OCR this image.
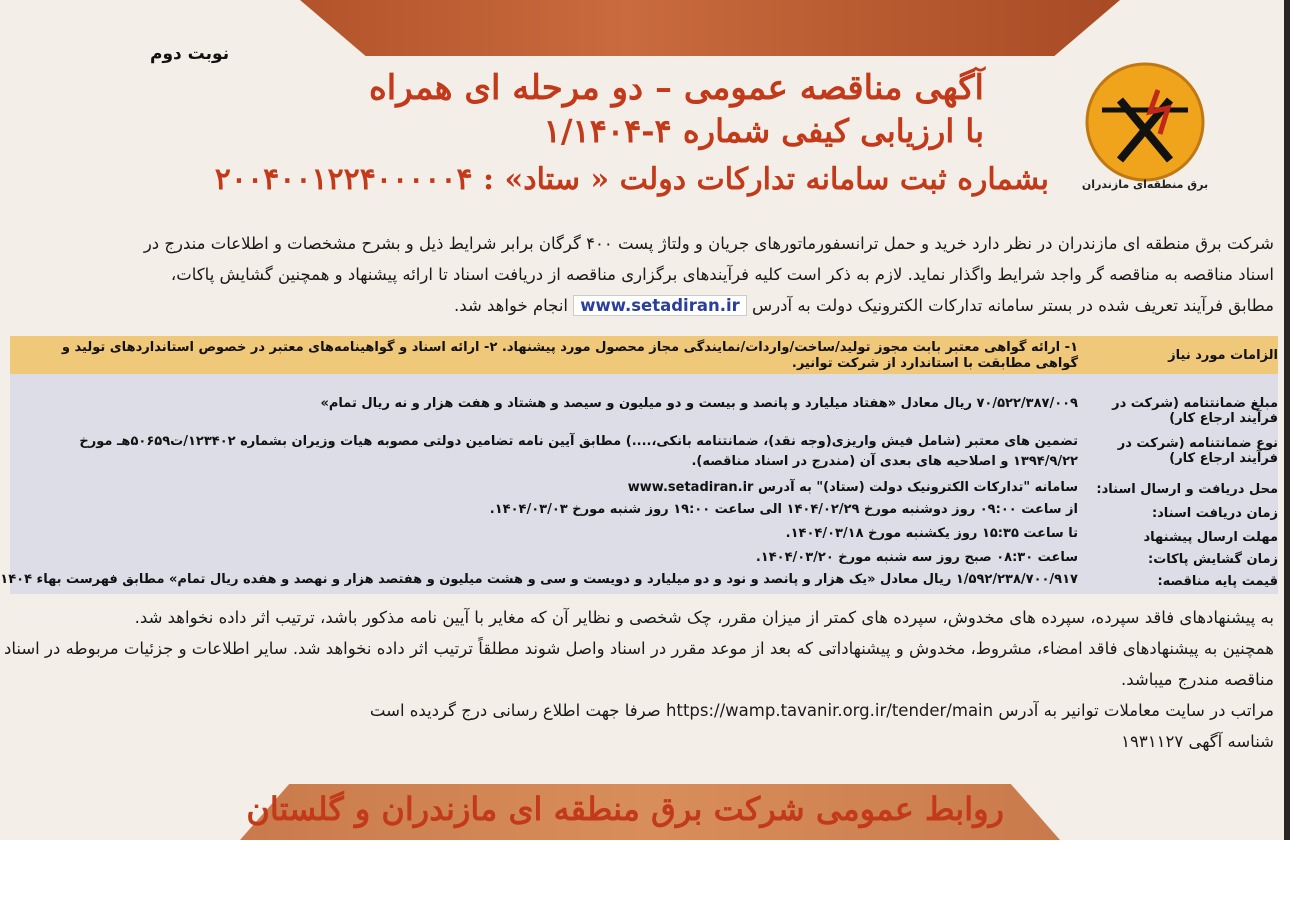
نوبت دوم
برق منطقه‌ای مازندران
آگهی مناقصه عمومی – دو مرحله ای همراه
با ارزیابی کیفی شماره ۴-۱/۱۴۰۴
بشماره ثبت سامانه تدارکات دولت « ستاد» : ۲۰۰۴۰۰۱۲۲۴۰۰۰۰۰۴

شرکت برق منطقه ای مازندران در نظر دارد خرید و حمل ترانسفورماتورهای جریان و ولتاژ پست ۴۰۰ گرگان برابر شرایط ذیل و بشرح مشخصات و اطلاعات مندرج در

اسناد مناقصه به مناقصه گر واجد شرایط واگذار نماید. لازم به ذکر است کلیه فرآیندهای برگزاری مناقصه از دریافت اسناد تا ارائه پیشنهاد و همچنین گشایش پاکات،

مطابق فرآیند تعریف شده در بستر سامانه تدارکات الکترونیک دولت به آدرس www.setadiran.ir انجام خواهد شد.

الزامات مورد نیاز
۱- ارائه گواهی معتبر بابت مجوز تولید/ساخت/واردات/نمایندگی مجاز محصول مورد پیشنهاد. ۲- ارائه اسناد و گواهینامه‌های معتبر در خصوص استانداردهای تولید و گواهی مطابقت با استاندارد از شرکت توانیر.
مبلغ ضمانتنامه (شرکت در فرآیند ارجاع کار)
۷۰/۵۲۲/۳۸۷/۰۰۹ ریال معادل «هفتاد میلیارد و پانصد و بیست و دو میلیون و سیصد و هشتاد و هفت هزار و نه ریال تمام»
نوع ضمانتنامه (شرکت در فرآیند ارجاع کار)
تضمین های معتبر (شامل فیش واریزی(وجه نقد)، ضمانتنامه بانکی،....) مطابق آیین نامه تضامین دولتی مصوبه هیات وزیران بشماره ۱۲۳۴۰۲/ت۵۰۶۵۹هـ مورخ ۱۳۹۴/۹/۲۲ و اصلاحیه های بعدی آن (مندرج در اسناد مناقصه).
محل دریافت و ارسال اسناد:
سامانه "تدارکات الکترونیک دولت (ستاد)" به آدرس www.setadiran.ir
زمان دریافت اسناد:
از ساعت ۰۹:۰۰ روز دوشنبه مورخ ۱۴۰۴/۰۲/۲۹ الی ساعت ۱۹:۰۰ روز شنبه مورخ ۱۴۰۴/۰۳/۰۳.
مهلت ارسال پیشنهاد
تا ساعت ۱۵:۳۵ روز یکشنبه مورخ ۱۴۰۴/۰۳/۱۸.
زمان گشایش پاکات:
ساعت ۰۸:۳۰ صبح روز سه شنبه مورخ ۱۴۰۴/۰۳/۲۰.
قیمت پایه مناقصه:
۱/۵۹۲/۲۳۸/۷۰۰/۹۱۷ ریال معادل «یک هزار و پانصد و نود و دو میلیارد و دویست و سی و هشت میلیون و هفتصد هزار و نهصد و هفده ریال تمام» مطابق فهرست بهاء ۱۴۰۴

به پیشنهادهای فاقد سپرده، سپرده های مخدوش، سپرده های کمتر از میزان مقرر، چک شخصی و نظایر آن که مغایر با آیین نامه مذکور باشد، ترتیب اثر داده نخواهد شد.

همچنین به پیشنهادهای فاقد امضاء، مشروط، مخدوش و پیشنهاداتی که بعد از موعد مقرر در اسناد واصل شوند مطلقاً ترتیب اثر داده نخواهد شد. سایر اطلاعات و جزئیات مربوطه در اسناد مناقصه مندرج میباشد.

مراتب در سایت معاملات توانیر به آدرس https://wamp.tavanir.org.ir/tender/main صرفا جهت اطلاع رسانی درج گردیده است

شناسه آگهی ۱۹۳۱۱۲۷

روابط عمومی شرکت برق منطقه ای مازندران و گلستان
